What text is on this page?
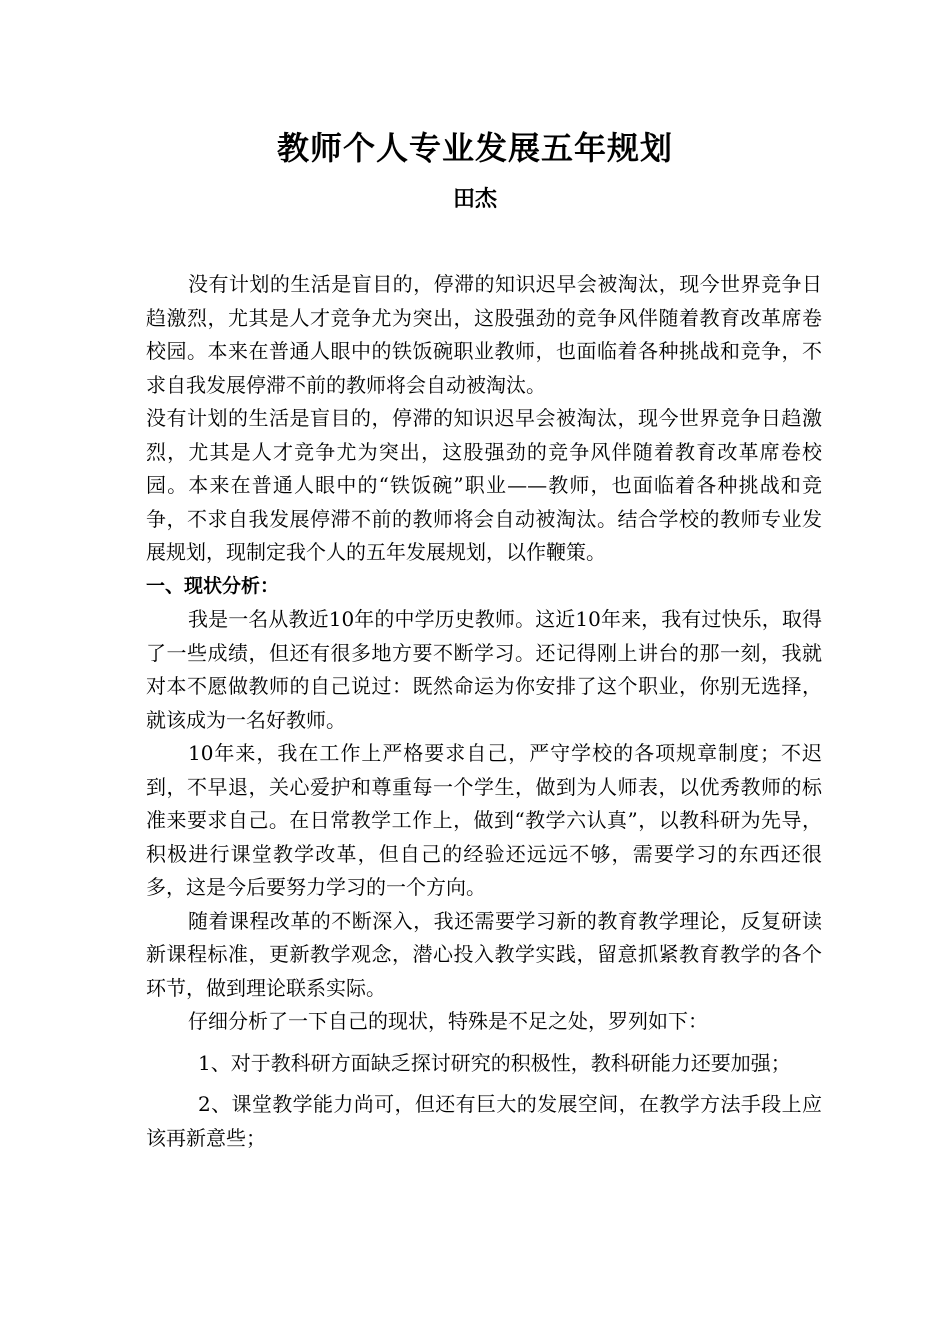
教师个人专业发展五年规划
田杰

没有计划的生活是盲目的，停滞的知识迟早会被淘汰，现今世界竞争日趋激烈，尤其是人才竞争尤为突出，这股强劲的竞争风伴随着教育改革席卷校园。本来在普通人眼中的铁饭碗职业教师，也面临着各种挑战和竞争，不求自我发展停滞不前的教师将会自动被淘汰。

没有计划的生活是盲目的，停滞的知识迟早会被淘汰，现今世界竞争日趋激烈，尤其是人才竞争尤为突出，这股强劲的竞争风伴随着教育改革席卷校园。本来在普通人眼中的“铁饭碗”职业——教师，也面临着各种挑战和竞争，不求自我发展停滞不前的教师将会自动被淘汰。结合学校的教师专业发展规划，现制定我个人的五年发展规划，以作鞭策。

一、现状分析：

我是一名从教近10年的中学历史教师。这近10年来，我有过快乐，取得了一些成绩，但还有很多地方要不断学习。还记得刚上讲台的那一刻，我就对本不愿做教师的自己说过：既然命运为你安排了这个职业，你别无选择，就该成为一名好教师。

10年来，我在工作上严格要求自己，严守学校的各项规章制度；不迟到，不早退，关心爱护和尊重每一个学生，做到为人师表，以优秀教师的标准来要求自己。在日常教学工作上，做到“教学六认真”，以教科研为先导，积极进行课堂教学改革，但自己的经验还远远不够，需要学习的东西还很多，这是今后要努力学习的一个方向。

随着课程改革的不断深入，我还需要学习新的教育教学理论，反复研读新课程标准，更新教学观念，潜心投入教学实践，留意抓紧教育教学的各个环节，做到理论联系实际。

仔细分析了一下自己的现状，特殊是不足之处，罗列如下：

1、对于教科研方面缺乏探讨研究的积极性，教科研能力还要加强；

2、课堂教学能力尚可，但还有巨大的发展空间，在教学方法手段上应该再新意些；
